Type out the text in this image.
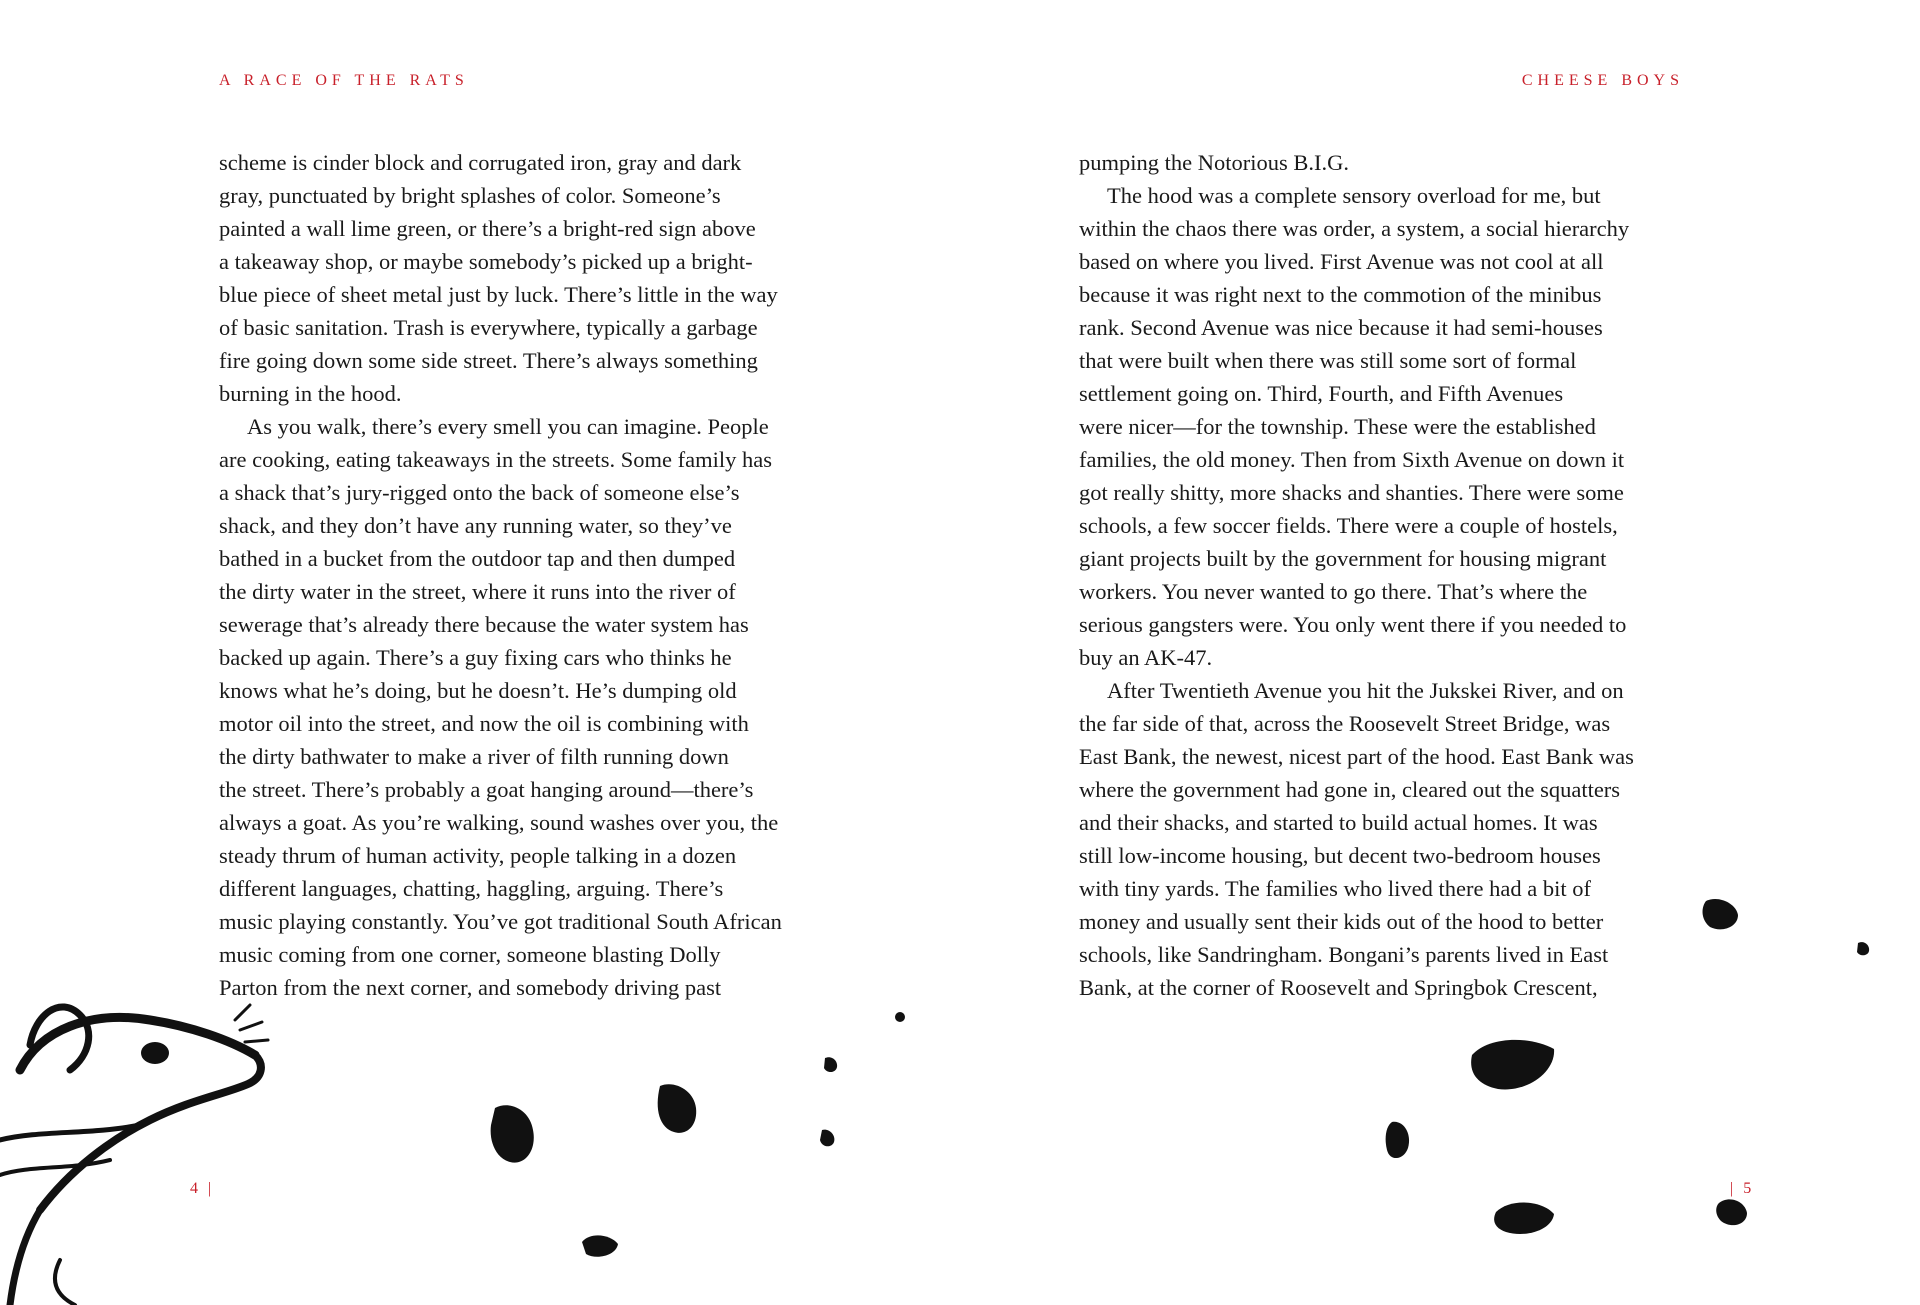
A RACE OF THE RATS
scheme is cinder block and corrugated iron, gray and dark
gray, punctuated by bright splashes of color. Someone’s
painted a wall lime green, or there’s a bright-red sign above
a takeaway shop, or maybe somebody’s picked up a bright-
blue piece of sheet metal just by luck. There’s little in the way
of basic sanitation. Trash is everywhere, typically a garbage
fire going down some side street. There’s always something
burning in the hood.
As you walk, there’s every smell you can imagine. People
are cooking, eating takeaways in the streets. Some family has
a shack that’s jury-rigged onto the back of someone else’s
shack, and they don’t have any running water, so they’ve
bathed in a bucket from the outdoor tap and then dumped
the dirty water in the street, where it runs into the river of
sewerage that’s already there because the water system has
backed up again. There’s a guy fixing cars who thinks he
knows what he’s doing, but he doesn’t. He’s dumping old
motor oil into the street, and now the oil is combining with
the dirty bathwater to make a river of filth running down
the street. There’s probably a goat hanging around—there’s
always a goat. As you’re walking, sound washes over you, the
steady thrum of human activity, people talking in a dozen
different languages, chatting, haggling, arguing. There’s
music playing constantly. You’ve got traditional South African
music coming from one corner, someone blasting Dolly
Parton from the next corner, and somebody driving past
4 |
CHEESE BOYS
pumping the Notorious B.I.G.
The hood was a complete sensory overload for me, but
within the chaos there was order, a system, a social hierarchy
based on where you lived. First Avenue was not cool at all
because it was right next to the commotion of the minibus
rank. Second Avenue was nice because it had semi-houses
that were built when there was still some sort of formal
settlement going on. Third, Fourth, and Fifth Avenues
were nicer—for the township. These were the established
families, the old money. Then from Sixth Avenue on down it
got really shitty, more shacks and shanties. There were some
schools, a few soccer fields. There were a couple of hostels,
giant projects built by the government for housing migrant
workers. You never wanted to go there. That’s where the
serious gangsters were. You only went there if you needed to
buy an AK-47.
After Twentieth Avenue you hit the Jukskei River, and on
the far side of that, across the Roosevelt Street Bridge, was
East Bank, the newest, nicest part of the hood. East Bank was
where the government had gone in, cleared out the squatters
and their shacks, and started to build actual homes. It was
still low-income housing, but decent two-bedroom houses
with tiny yards. The families who lived there had a bit of
money and usually sent their kids out of the hood to better
schools, like Sandringham. Bongani’s parents lived in East
Bank, at the corner of Roosevelt and Springbok Crescent,
| 5
